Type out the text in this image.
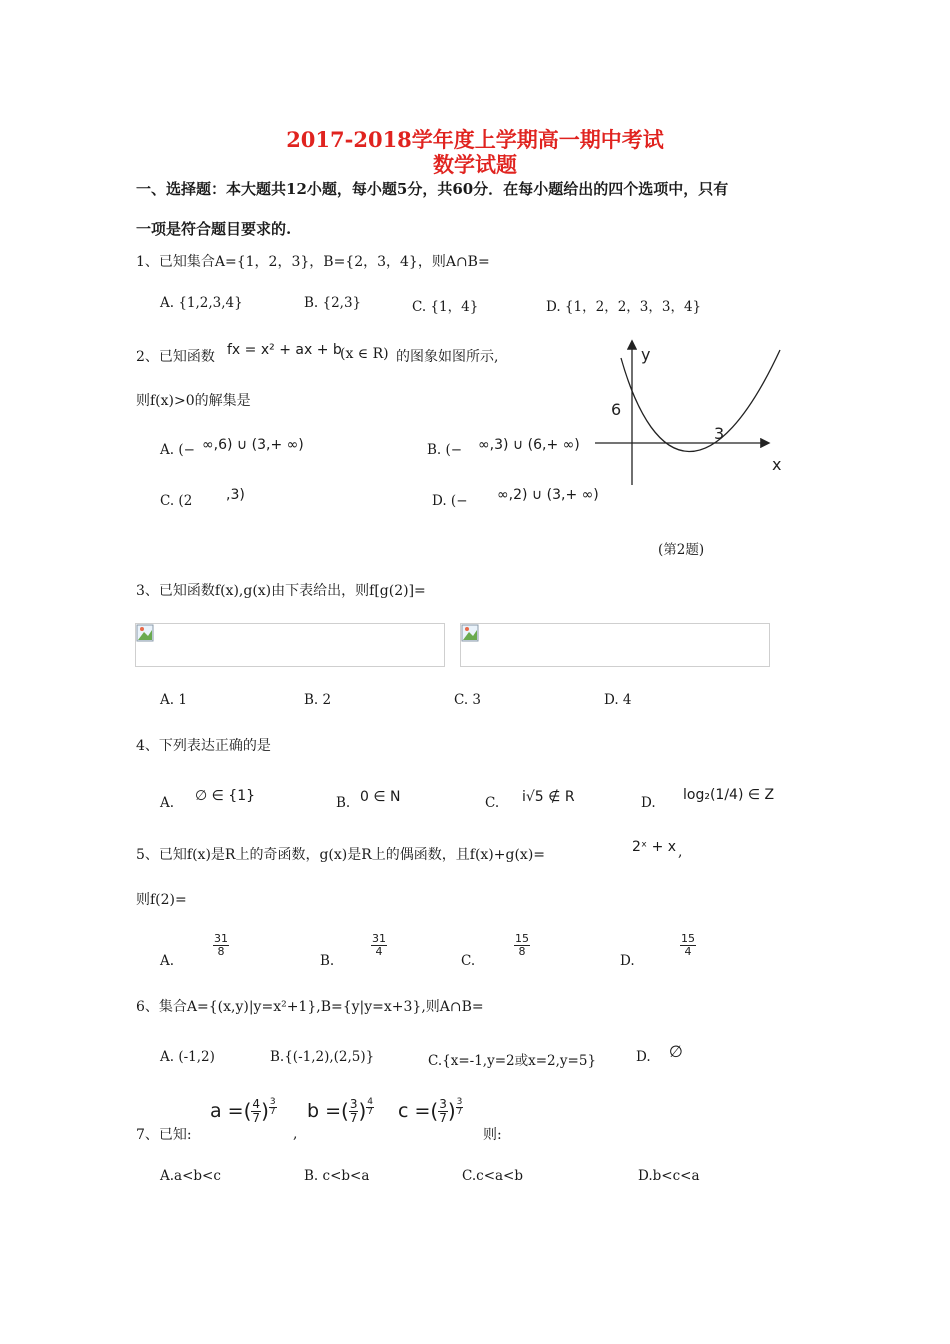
2017-2018学年度上学期高一期中考试
数学试题
一、选择题：本大题共12小题，每小题5分，共60分．在每小题给出的四个选项中，只有
一项是符合题目要求的.
1、已知集合A={1，2，3}，B={2，3，4}，则A∩B=
A. {1,2,3,4}	B. {2,3}	C. {1，4}	D. {1，2，2，3，3，4}
2、已知函数 fx = x² + ax + b
(x ∈ R) 的图象如图所示,
则f(x)>0的解集是
A. (− ∞,6) ∪ (3,+ ∞)	B. (− ∞,3) ∪ (6,+ ∞)
C. (2 ,3)	D. (− ∞,2) ∪ (3,+ ∞)
y
x
6
3
(第2题)
3、已知函数f(x),g(x)由下表给出，则f[g(2)]=
A. 1	B. 2	C. 3	D. 4
4、下列表达正确的是
A. ∅ ∈ {1}	B. 0 ∈ N	C. i√5 ∉ R	D. log₂(1/4) ∈ Z
5、已知f(x)是R上的奇函数，g(x)是R上的偶函数，且f(x)+g(x)=	2ˣ + x ,
则f(2)=
A.
$\frac{31}{8}$
B.
$\frac{31}{4}$
C.
$\frac{15}{8}$
D.
$\frac{15}{4}$
6、集合A={(x,y)|y=x²+1},B={y|y=x+3},则A∩B=
A. (-1,2)	B.{(-1,2),(2,5)}	C.{x=-1,y=2或x=2,y=5}	D. ∅
7、已知:
a = ( $\frac{4}{7}$ ) $\frac{3}{7}$
,
b = ( $\frac{3}{7}$ ) $\frac{4}{7}$ c = ( $\frac{3}{7}$ ) $\frac{3}{7}$
则:
A.a<b<c	B. c<b<a	C.c<a<b	D.b<c<a
